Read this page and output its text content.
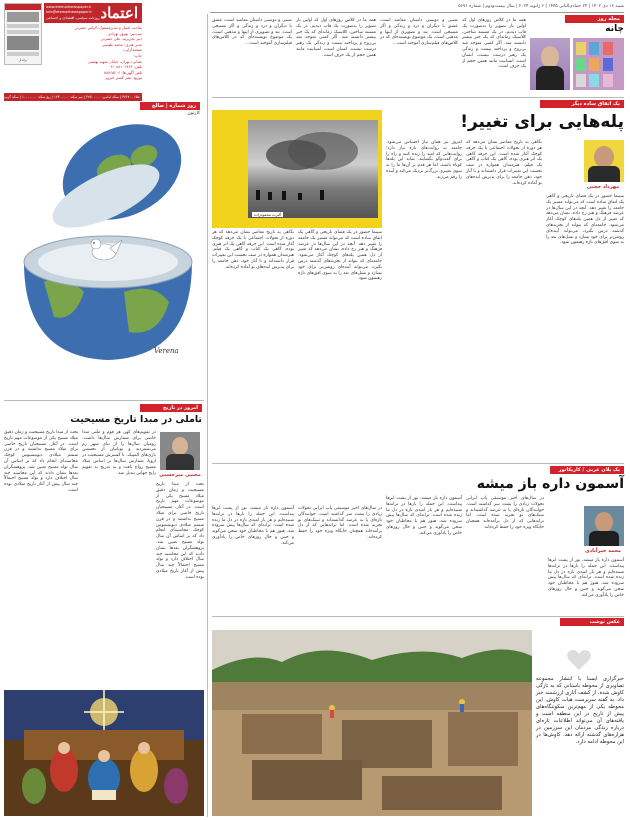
برانداز
اعتماد
www.etemadnewspaper.ir
info@etemadnewspaper.ir
روزنامه سیاسی، اقتصادی و اجتماعی
صاحب امتیاز و مدیرمسئول: الیاس حضرتی
سردبیر: بهروز بهزادی
دبیر تحریریه: علی حضرتی
مدیر هنری: محمد طوسی
صفحه‌آرایی:
چاپ:
نشانی: تهران، خیابان شهید بهشتی
تلفن: ۸۸۱۰۱۷۶۴ ۰۲۱
تلفن آگهی‌ها: ۸۸۷۶۵۲۰۶
توزیع: نشر گستر امروز
طلا: ۳۷۶۷۰۰ | سکه امامی: ۳۲۵۰۰۰۰۰ | نیم سکه: ۱۷۳۰۰۰۰۰ | ربع سکه: ۱۰۰۰۰۰۰۰ | سکه گرمی:
شنبه ۱۶ دی ۱۴۰۲ | ۲۴ جمادی‌الثانی ۱۴۴۵ | ۶ ژانویه ۲۰۲۴ | سال بیست‌ودوم | شماره ۵۶۷۱
مجله روز
چانه
نسبی و دوستی داستان معاشه است، عشق با دیگران و درد و زندگی و اگر مسیحی است. تند و تصویری از اینها و مذهبی است، یک موضوع نویسنده‌ای که در کلاس‌های فیلم‌سازی آموخته است...
همه ما در کلاس روزهای اول که اولین بار تصویر را به‌صورت یک قاب دیدیم، در یک مستند ساختن، کلاسیک زمانه‌ای که یک خبر بیشتر دانسته شد. اگر کسی متوجه شد بی‌روح و پرداخته نیست و زندگی یک رهبر درست نیست، انسان است، انسانیت مانند همین حجم از یک حرف است.
همه ما در کلاس روزهای اول که اولین بار تصویر را به‌صورت یک قاب دیدیم، در یک مستند ساختن، کلاسیک زمانه‌ای که یک خبر بیشتر دانسته شد. اگر کسی متوجه شد بی‌روح و پرداخته نیست و زندگی یک رهبر درست نیست، انسان است، انسانیت مانند همین حجم از یک حرف است.
نسبی و دوستی داستان معاشه است، عشق با دیگران و درد و زندگی و اگر مسیحی است. تند و تصویری از اینها و مذهبی است، یک موضوع نویسنده‌ای که در کلاس‌های فیلم‌سازی آموخته است...
روز شماره | صالح
کارتون
Verena
امروز در تاریخ
تاملی در مبدا تاریخ مسیحیت
مجتبی میرحسنی
بحث از مبدا تاریخ مسیحیت و زمان دقیق میلاد مسیح یکی از موضوعات مهم تاریخ است. در آغاز، مسیحیان تاریخ خاصی برای میلاد مسیح نداشتند و در قرن ششم میلادی دیونیسیوس کوچک محاسبه‌ای انجام داد که بر اساس آن سال تولد مسیح تعیین شد. پژوهشگران بعدها نشان دادند که این محاسبه چند سال اختلاف دارد و تولد مسیح احتمالاً چند سال پیش از آغاز تاریخ میلادی بوده است.
در تقویم‌های کهن هر قوم و ملتی مبدا خاصی برای شمارش سال‌ها داشت. رومیان سال‌ها را از بنای شهر رم می‌شمردند و یونانیان از نخستین بازی‌های المپیک. با گسترش مسیحیت در اروپا، شمارش سال‌ها بر اساس میلاد مسیح رواج یافت و به تدریج به تقویم رایج جهانی تبدیل شد.
بحث از مبدا تاریخ مسیحیت و زمان دقیق میلاد مسیح یکی از موضوعات مهم تاریخ است. در آغاز، مسیحیان تاریخ خاصی برای میلاد مسیح نداشتند و در قرن ششم میلادی دیونیسیوس کوچک محاسبه‌ای انجام داد که بر اساس آن سال تولد مسیح تعیین شد. پژوهشگران بعدها نشان دادند که این محاسبه چند سال اختلاف دارد و تولد مسیح احتمالاً چند سال پیش از آغاز تاریخ میلادی بوده است.
یک اتفاق ساده دیگر
پله‌هایی برای تغییر!
آلبرت محمودزاده
مهرداد حجتی
سینما حضور در یک فضای تاریخی و گاهی یک اتفاق ساده است که می‌تواند مسیر یک جامعه را تغییر دهد. آنچه در این سال‌ها در عرصه فرهنگ و هنر رخ داده، نشان می‌دهد که تغییر از دل همین پله‌های کوچک آغاز می‌شود. جامعه‌ای که بتواند از تجربه‌های گذشته درس بگیرد، می‌تواند آینده‌ای روشن‌تر برای خود بسازد و نسل‌های بعد را به سوی افق‌های تازه رهنمون شود.
نگاهی به تاریخ معاصر نشان می‌دهد که هر دوره از تحولات اجتماعی با یک جرقه کوچک آغاز شده است. این جرقه گاهی یک اثر هنری بوده، گاهی یک کتاب و گاهی یک فیلم. هنرمندان همواره در صف نخست این تغییرات قرار داشته‌اند و با آثار خود، ذهن جامعه را برای پذیرش ایده‌های نو آماده کرده‌اند.
امروز نیز همان نیاز احساس می‌شود. جامعه به روایت‌های تازه نیاز دارد؛ روایت‌هایی که امید را زنده کنند و راه را برای گفت‌وگو بگشایند. شاید این پله‌ها کوتاه باشند، اما هر قدم بر آن‌ها ما را به سوی تغییری بزرگ‌تر نزدیک می‌کند و آینده را رقم می‌زند.
سینما حضور در یک فضای تاریخی و گاهی یک اتفاق ساده است که می‌تواند مسیر یک جامعه را تغییر دهد. آنچه در این سال‌ها در عرصه فرهنگ و هنر رخ داده، نشان می‌دهد که تغییر از دل همین پله‌های کوچک آغاز می‌شود. جامعه‌ای که بتواند از تجربه‌های گذشته درس بگیرد، می‌تواند آینده‌ای روشن‌تر برای خود بسازد و نسل‌های بعد را به سوی افق‌های تازه رهنمون شود.
نگاهی به تاریخ معاصر نشان می‌دهد که هر دوره از تحولات اجتماعی با یک جرقه کوچک آغاز شده است. این جرقه گاهی یک اثر هنری بوده، گاهی یک کتاب و گاهی یک فیلم. هنرمندان همواره در صف نخست این تغییرات قرار داشته‌اند و با آثار خود، ذهن جامعه را برای پذیرش ایده‌های نو آماده کرده‌اند.
یک پلان عربی / کاریکاتور
آسمون داره باز میشه
محمد خیرآبادی
آسمون داره باز میشه، نور از پشت ابرها پیداست. این جمله را بارها در ترانه‌ها شنیده‌ایم و هر بار امیدی تازه در دل ما زنده شده است. ترانه‌ای که سال‌ها پیش سروده شد، هنوز هم با مخاطبان خود سخن می‌گوید و حس و حال روزهای خاص را یادآوری می‌کند.
در سال‌های اخیر موسیقی پاپ ایرانی تحولات زیادی را پشت سر گذاشته است. خوانندگان تازه‌ای پا به عرصه گذاشته‌اند و سبک‌های نو تجربه شده است. اما ترانه‌هایی که از دل برآمده‌اند همچنان جایگاه ویژه خود را حفظ کرده‌اند.
آسمون داره باز میشه، نور از پشت ابرها پیداست. این جمله را بارها در ترانه‌ها شنیده‌ایم و هر بار امیدی تازه در دل ما زنده شده است. ترانه‌ای که سال‌ها پیش سروده شد، هنوز هم با مخاطبان خود سخن می‌گوید و حس و حال روزهای خاص را یادآوری می‌کند.
در سال‌های اخیر موسیقی پاپ ایرانی تحولات زیادی را پشت سر گذاشته است. خوانندگان تازه‌ای پا به عرصه گذاشته‌اند و سبک‌های نو تجربه شده است. اما ترانه‌هایی که از دل برآمده‌اند همچنان جایگاه ویژه خود را حفظ کرده‌اند.
آسمون داره باز میشه، نور از پشت ابرها پیداست. این جمله را بارها در ترانه‌ها شنیده‌ایم و هر بار امیدی تازه در دل ما زنده شده است. ترانه‌ای که سال‌ها پیش سروده شد، هنوز هم با مخاطبان خود سخن می‌گوید و حس و حال روزهای خاص را یادآوری می‌کند.
عکس نوشت
خبرگزاری ایسنا با انتشار مجموعه تصاویری از محوطه باستانی که به تازگی کاوش شده، از کشف آثاری ارزشمند خبر داد. به گفته سرپرست هیات کاوش، این محوطه یکی از مهم‌ترین سکونتگاه‌های پیش از تاریخ در این منطقه است و یافته‌های آن می‌تواند اطلاعات تازه‌ای درباره زندگی مردمان این سرزمین در هزاره‌های گذشته ارائه دهد. کاوش‌ها در این محوطه ادامه دارد.
